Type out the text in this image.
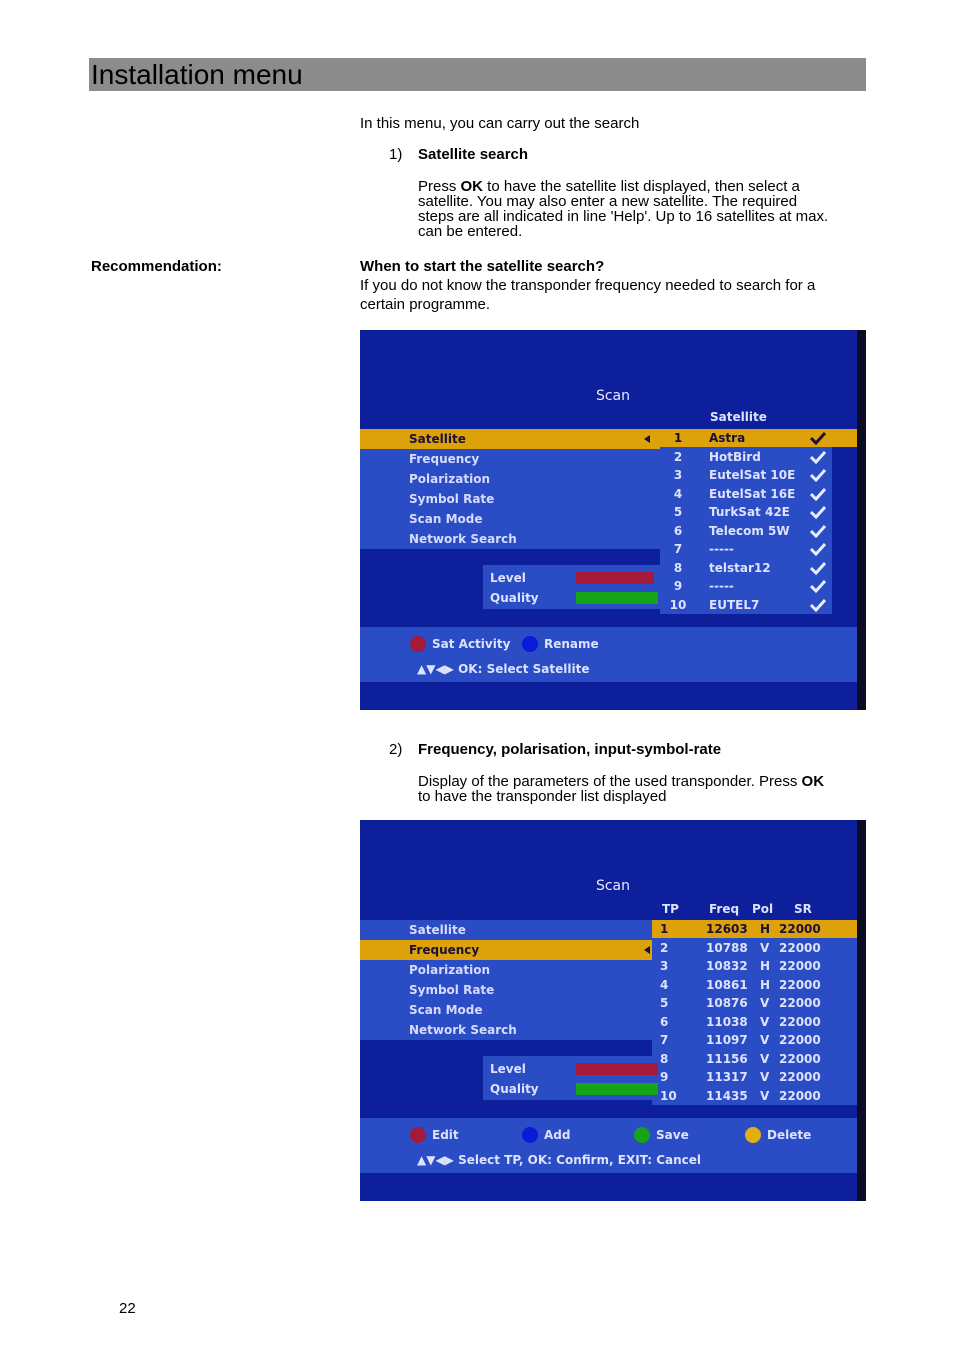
Installation menu
In this menu, you can carry out the search
1) Satellite search
Press OK to have the satellite list displayed, then select a
satellite. You may also enter a new satellite. The required
steps are all indicated in line 'Help'. Up to 16 satellites at max.
can be entered.
Recommendation:	When to start the satellite search?
If you do not know the transponder frequency needed to search for a
certain programme.
Scan
Satellite
Frequency
Polarization
Symbol Rate
Scan Mode
Network Search
Satellite
Level
Quality
Sat Activity	Rename
▲▼◀▶ OK: Select Satellite
1	Astra
2	HotBird
3	EutelSat 10E
4	EutelSat 16E
5	TurkSat 42E
6	Telecom 5W
7	-----
8	telstar12
9	-----
10	EUTEL7
2) Frequency, polarisation, input-symbol-rate
Display of the parameters of the used transponder. Press OK
to have the transponder list displayed
Scan
Satellite
Frequency
Polarization
Symbol Rate
Scan Mode
Network Search
TP	Freq Pol SR
Level
Quality
Edit	Add	Save	Delete
▲▼◀▶ Select TP, OK: Confirm, EXIT: Cancel
1	12603 H 22000
2	10788 V 22000
3	10832 H 22000
4	10861 H 22000
5	10876 V 22000
6	11038 V 22000
7	11097 V 22000
8	11156 V 22000
9	11317 V 22000
10 11435 V 22000
22
